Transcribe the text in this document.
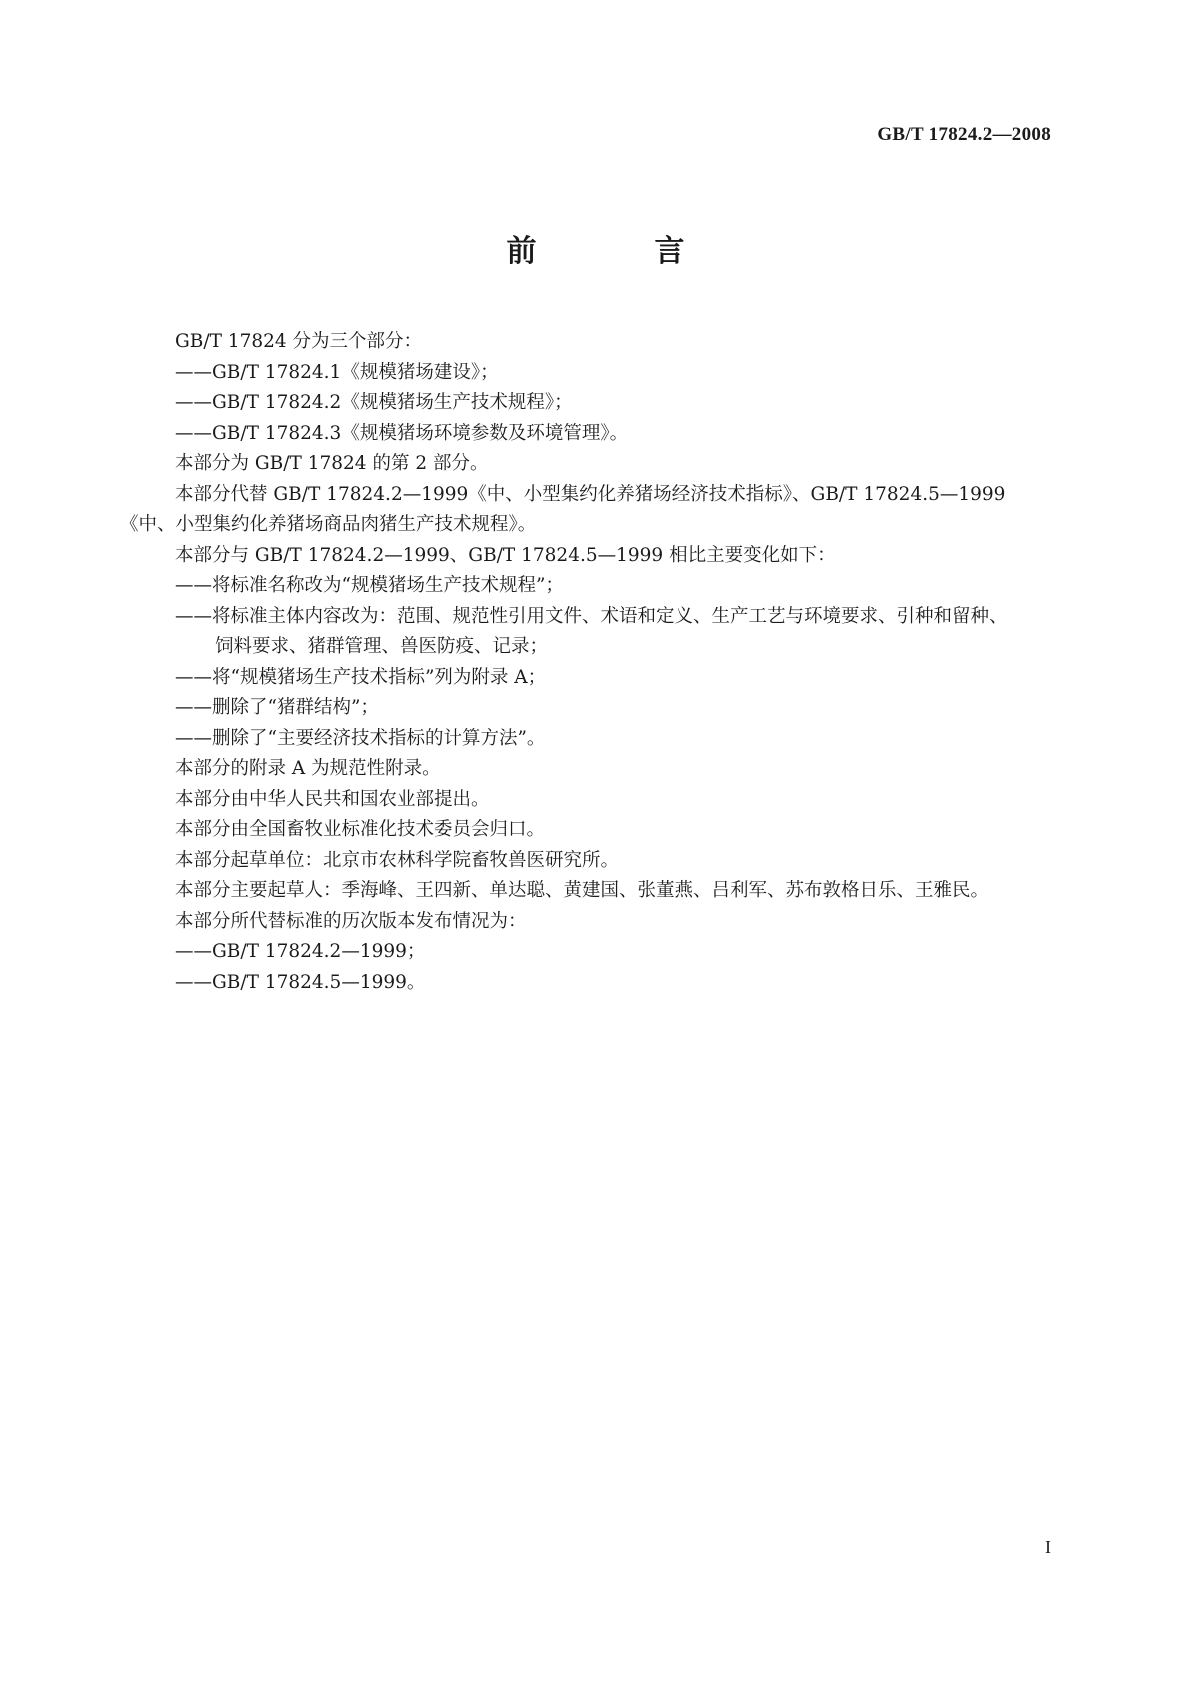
GB/T 17824.2—2008
前　言

GB/T 17824 分为三个部分：

——GB/T 17824.1《规模猪场建设》；

——GB/T 17824.2《规模猪场生产技术规程》；

——GB/T 17824.3《规模猪场环境参数及环境管理》。

本部分为 GB/T 17824 的第 2 部分。

本部分代替 GB/T 17824.2—1999《中、小型集约化养猪场经济技术指标》、GB/T 17824.5—1999

《中、小型集约化养猪场商品肉猪生产技术规程》。

本部分与 GB/T 17824.2—1999、GB/T 17824.5—1999 相比主要变化如下：

——将标准名称改为“规模猪场生产技术规程”；

——将标准主体内容改为：范围、规范性引用文件、术语和定义、生产工艺与环境要求、引种和留种、

饲料要求、猪群管理、兽医防疫、记录；

——将“规模猪场生产技术指标”列为附录 A；

——删除了“猪群结构”；

——删除了“主要经济技术指标的计算方法”。

本部分的附录 A 为规范性附录。

本部分由中华人民共和国农业部提出。

本部分由全国畜牧业标准化技术委员会归口。

本部分起草单位：北京市农林科学院畜牧兽医研究所。

本部分主要起草人：季海峰、王四新、单达聪、黄建国、张董燕、吕利军、苏布敦格日乐、王雅民。

本部分所代替标准的历次版本发布情况为：

——GB/T 17824.2—1999；

——GB/T 17824.5—1999。

I
